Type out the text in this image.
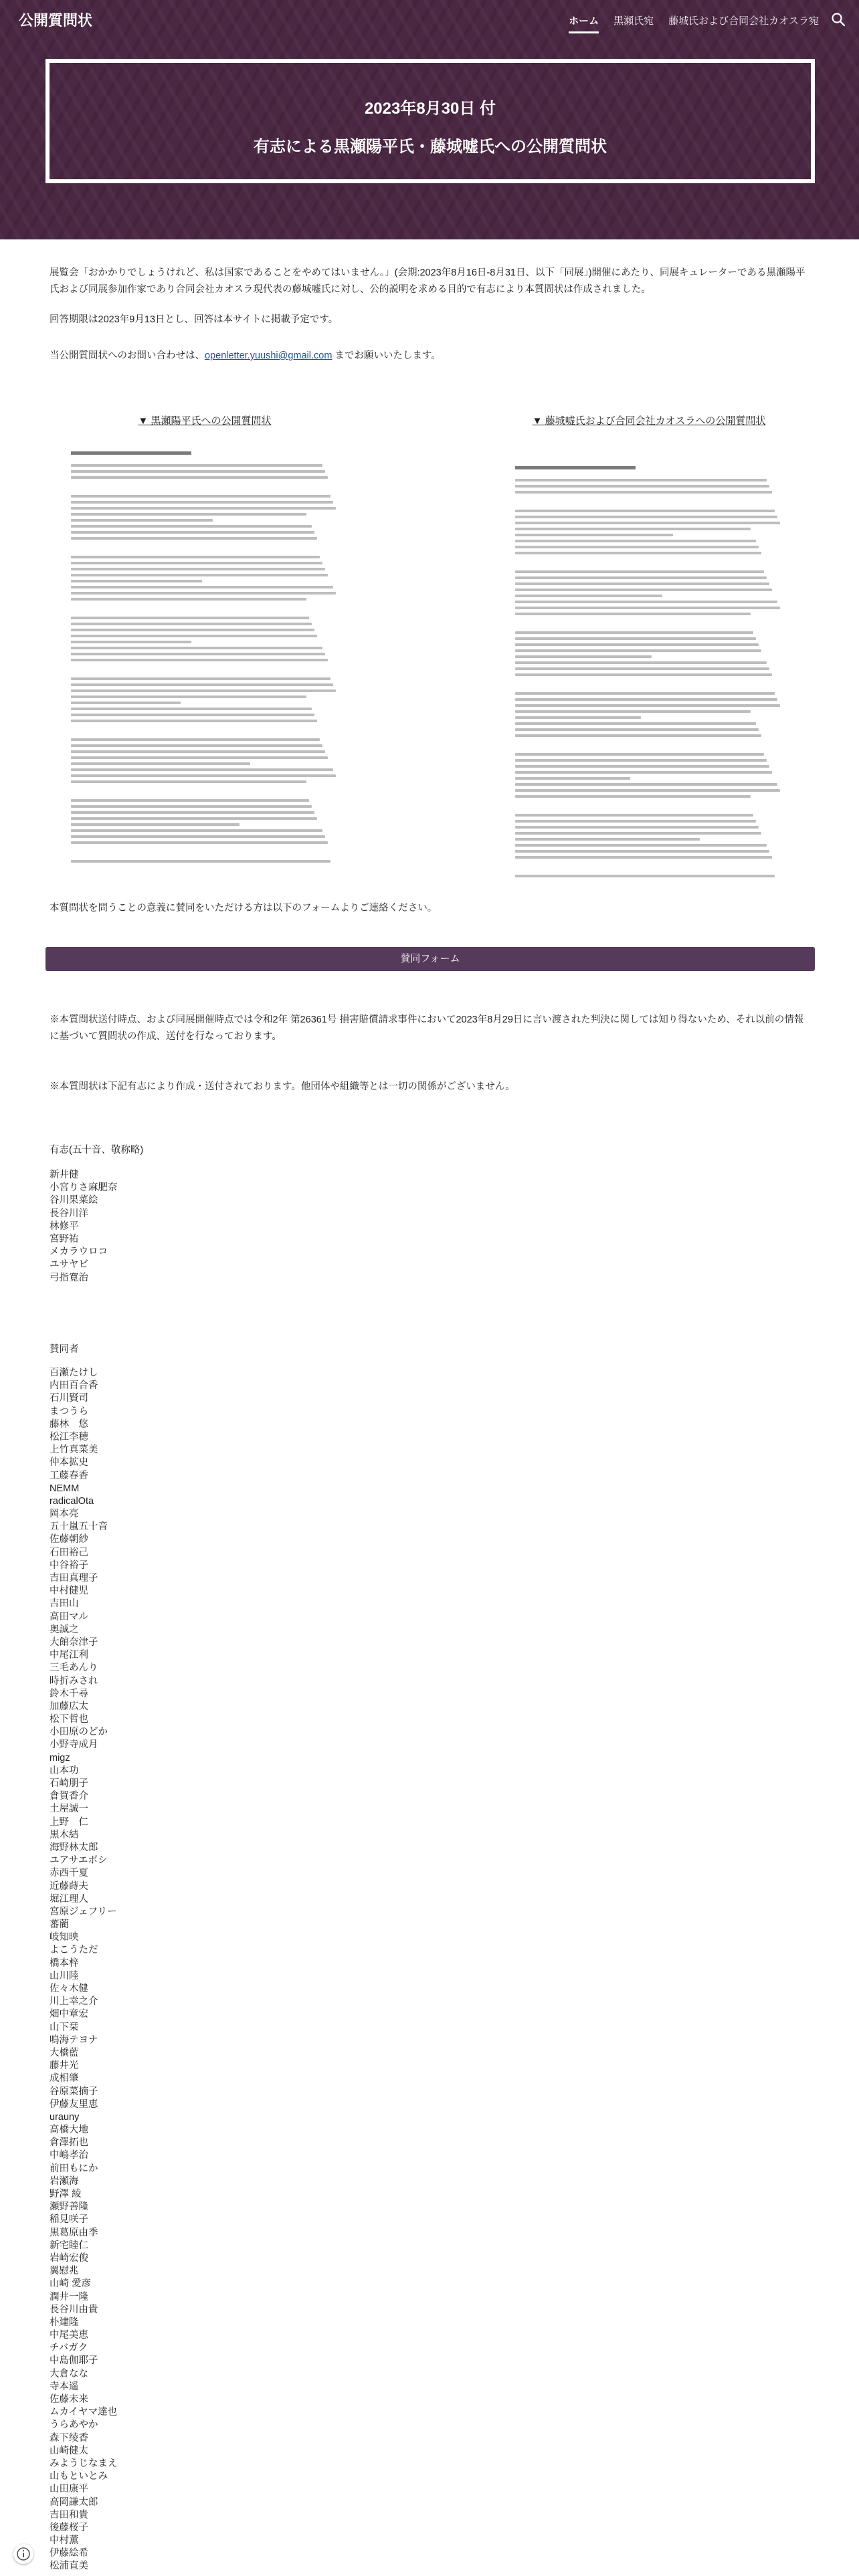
公開質問状	ホーム 黒瀬氏宛 藤城氏および合同会社カオスラ宛
2023年8月30日 付
有志による黒瀬陽平氏・藤城嘘氏への公開質問状
展覧会「おかかりでしょうけれど、私は国家であることをやめてはいません。」(会期:2023年8月16日-8月31日、以下「同展」)開催にあたり、同展キュレーターである黒瀬陽平氏および同展参加作家であり合同会社カオスラ現代表の藤城嘘氏に対し、公的説明を求める目的で有志により本質問状は作成されました。
回答期限は2023年9月13日とし、回答は本サイトに掲載予定です。
当公開質問状へのお問い合わせは、openletter.yuushi@gmail.com までお願いいたします。
▼ 黒瀬陽平氏への公開質問状	▼ 藤城嘘氏および合同会社カオスラへの公開質問状
本質問状を問うことの意義に賛同をいただける方は以下のフォームよりご連絡ください。
賛同フォーム
※本質問状送付時点、および同展開催時点では令和2年 第26361号 損害賠償請求事件において2023年8月29日に言い渡された判決に関しては知り得ないため、それ以前の情報に基づいて質問状の作成、送付を行なっております。
※本質問状は下記有志により作成・送付されております。他団体や組織等とは一切の関係がございません。
有志(五十音、敬称略)
新井健
小宮りさ麻肥奈
谷川果菜絵
長谷川洋
林修平
宮野祐
メカラウロコ
ユサヤビ
弓指寛治
賛同者
百瀬たけし
内田百合香
石川賢司
まつうら
藤林　悠
松江李穂
上竹真菜美
仲本拡史
工藤春香
NEMM
radicalOta
岡本亮
五十嵐五十音
佐藤朝紗
石田裕己
中谷裕子
吉田真理子
中村健児
吉田山
高田マル
奥誠之
大館奈津子
中尾江利
三毛あんり
時折みされ
鈴木千尋
加藤広太
松下哲也
小田原のどか
小野寺成月
migz
山本功
石崎朋子
倉賀香介
土屋誠一
上野　仁
黒木結
海野林太郎
ユアサエボシ
赤西千夏
近藤蒔夫
堀江理人
宮原ジェフリー
蕃藺
岐知映
よこうただ
橋本梓
山川陸
佐々木健
川上幸之介
畑中章宏
山下栞
鳴海テヨナ
大橋藍
藤井光
成相肇
谷原菜摘子
伊藤友里恵
urauny
高橋大地
倉澤拓也
中嶋孝治
前田もにか
岩瀬海
野澤 綾
瀬野善隆
稲見咲子
黒葛原由季
新宅睦仁
岩崎宏俊
翼慰兆
山崎 愛彦
潤井一隆
長谷川由貴
朴建隆
中尾美恵
チバガク
中島伽耶子
大倉なな
寺本遥
佐藤未来
ムカイヤマ達也
うらあやか
森下绫香
山崎健太
みようじなまえ
山もといとみ
山田康平
高岡謙太郎
吉田和貴
後藤桜子
中村薫
伊藤絵希
松浦直美
